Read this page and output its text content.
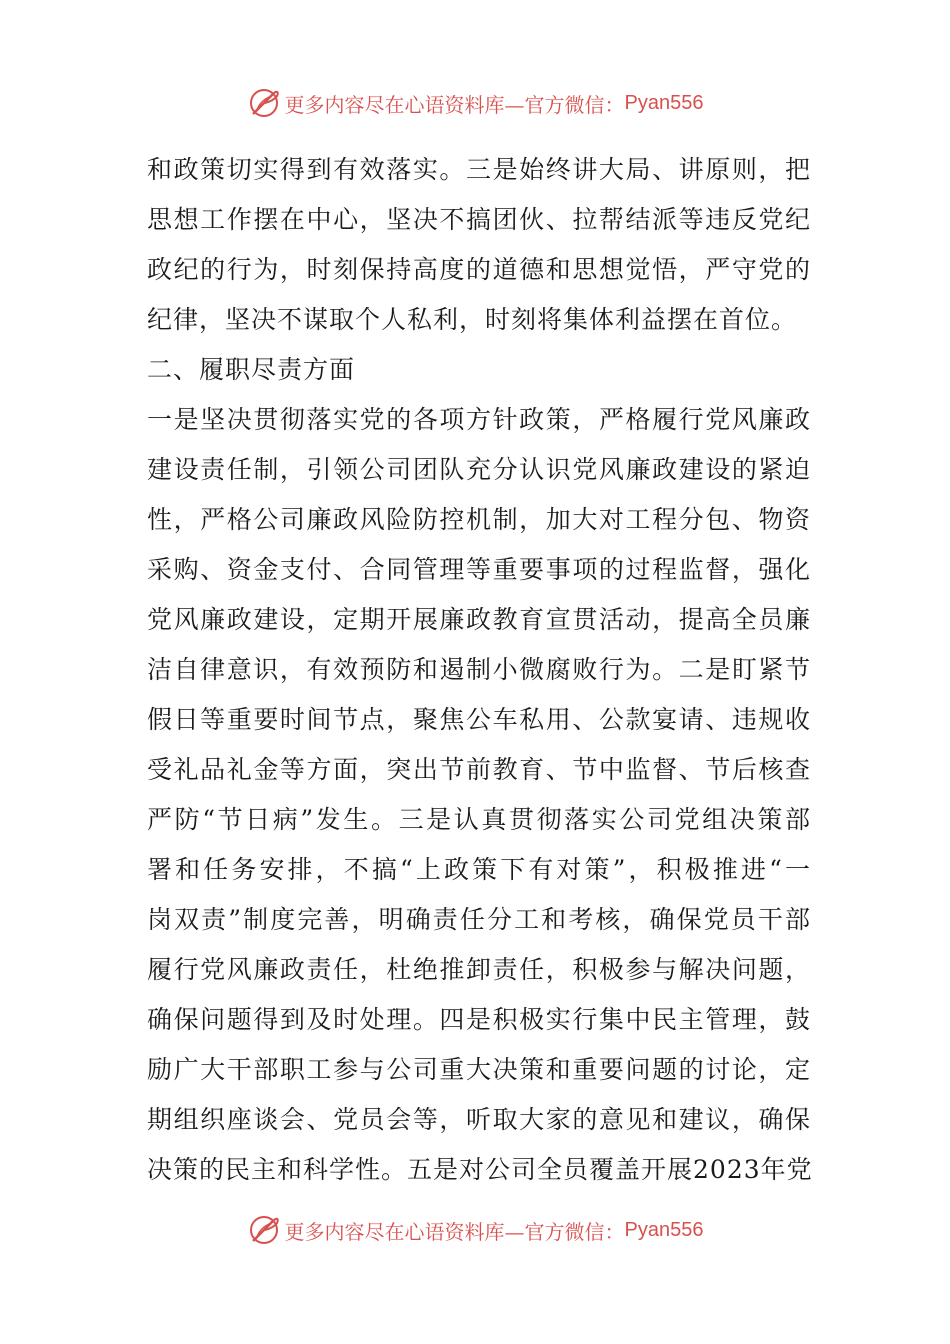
更多内容尽在心语资料库—官方微信： Pyan556
和政策切实得到有效落实。三是始终讲大局、讲原则，把
思想工作摆在中心，坚决不搞团伙、拉帮结派等违反党纪
政纪的行为，时刻保持高度的道德和思想觉悟，严守党的
纪律，坚决不谋取个人私利，时刻将集体利益摆在首位。
二、履职尽责方面
一是坚决贯彻落实党的各项方针政策，严格履行党风廉政
建设责任制，引领公司团队充分认识党风廉政建设的紧迫
性，严格公司廉政风险防控机制，加大对工程分包、物资
采购、资金支付、合同管理等重要事项的过程监督，强化
党风廉政建设，定期开展廉政教育宣贯活动，提高全员廉
洁自律意识，有效预防和遏制小微腐败行为。二是盯紧节
假日等重要时间节点，聚焦公车私用、公款宴请、违规收
受礼品礼金等方面，突出节前教育、节中监督、节后核查
严防“节日病”发生。三是认真贯彻落实公司党组决策部
署和任务安排，不搞“上政策下有对策”，积极推进“一
岗双责”制度完善，明确责任分工和考核，确保党员干部
履行党风廉政责任，杜绝推卸责任，积极参与解决问题，
确保问题得到及时处理。四是积极实行集中民主管理，鼓
励广大干部职工参与公司重大决策和重要问题的讨论，定
期组织座谈会、党员会等，听取大家的意见和建议，确保
决策的民主和科学性。五是对公司全员覆盖开展2023年党
更多内容尽在心语资料库—官方微信： Pyan556
